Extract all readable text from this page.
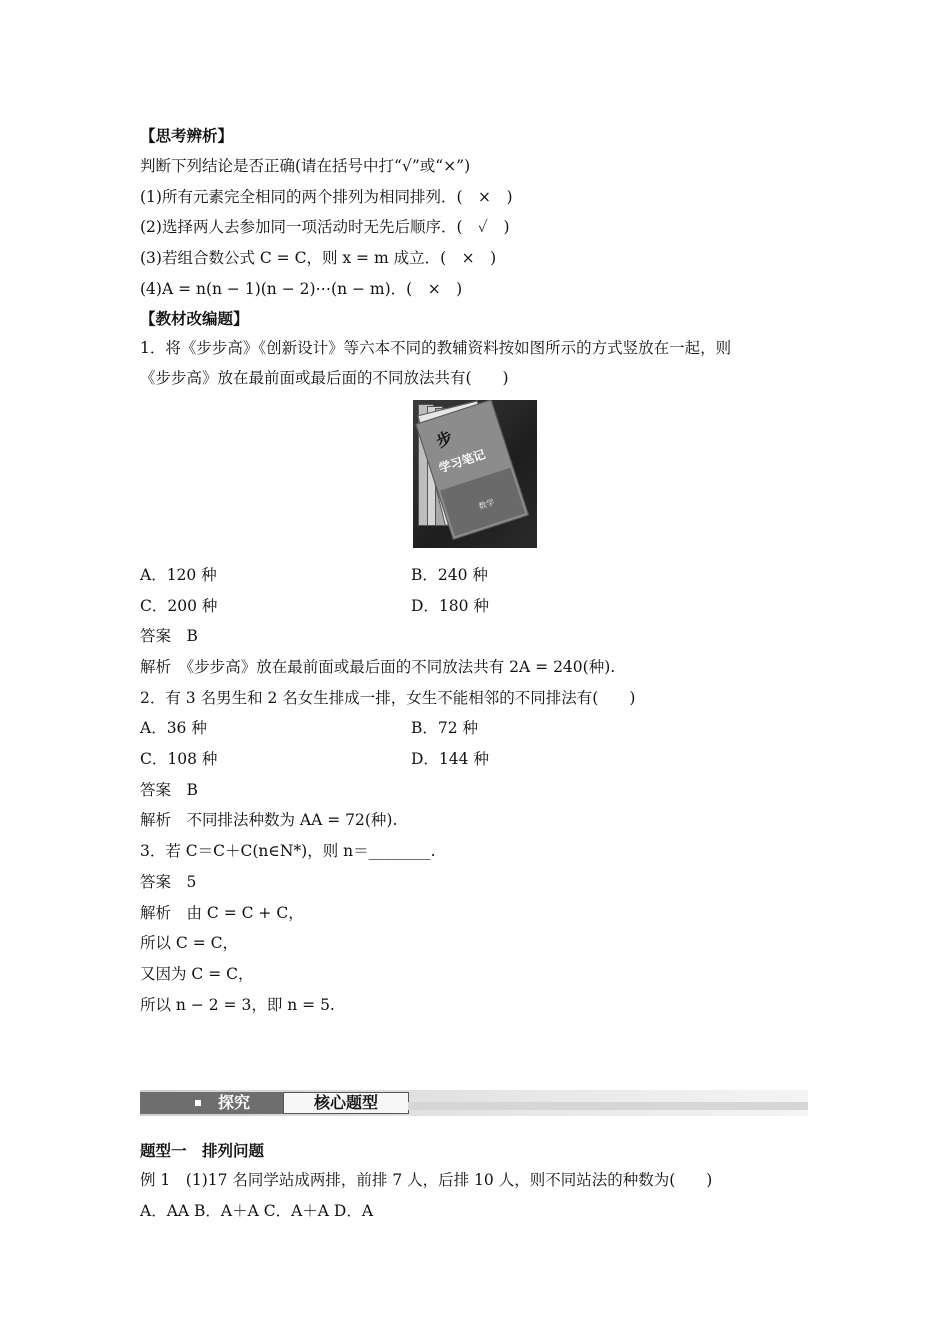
【思考辨析】
判断下列结论是否正确(请在括号中打“√”或“×”)
(1)所有元素完全相同的两个排列为相同排列．(　×　)
(2)选择两人去参加同一项活动时无先后顺序．(　✓　)
(3)若组合数公式 C = C，则 x = m 成立．(　×　)
(4)A = n(n − 1)(n − 2)⋯(n − m)．(　×　)
【教材改编题】
1．将《步步高》《创新设计》等六本不同的教辅资料按如图所示的方式竖放在一起，则
《步步高》放在最前面或最后面的不同放法共有(　　)
步
学习笔记
数学
A．120 种	B．240 种
C．200 种	D．180 种
答案　B
解析　《步步高》放在最前面或最后面的不同放法共有 2A = 240(种).
2．有 3 名男生和 2 名女生排成一排，女生不能相邻的不同排法有(　　)
A．36 种	B．72 种
C．108 种	D．144 种
答案　B
解析　不同排法种数为 AA = 72(种).
3．若 C＝C＋C(n∈N*)，则 n＝________.
答案　5
解析　由 C = C + C，
所以 C = C，
又因为 C = C，
所以 n − 2 = 3，即 n = 5.
探究	核心题型
题型一　排列问题
例 1　(1)17 名同学站成两排，前排 7 人，后排 10 人，则不同站法的种数为(　　)
A．AA B．A＋A C．A＋A D．A
